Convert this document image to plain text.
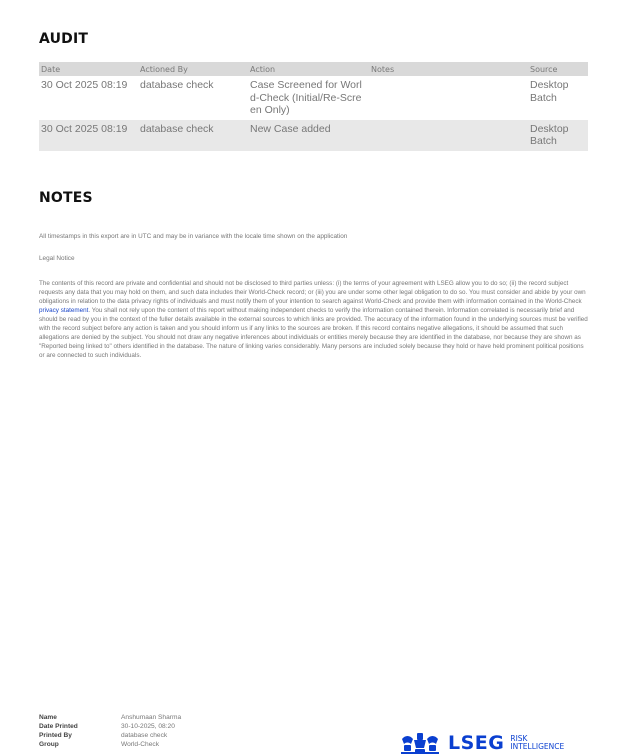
AUDIT
Date	Actioned By	Action	Notes	Source
30 Oct 2025 08:19	database check	Case Screened for World-Check (Initial/Re-Screen Only)		Desktop Batch
30 Oct 2025 08:19	database check	New Case added		Desktop Batch
NOTES

All timestamps in this export are in UTC and may be in variance with the locale time shown on the application

Legal Notice

The contents of this record are private and confidential and should not be disclosed to third parties unless: (i) the terms of your agreement with LSEG allow you to do so; (ii) the record subject requests any data that you may hold on them, and such data includes their World-Check record; or (iii) you are under some other legal obligation to do so. You must consider and abide by your own obligations in relation to the data privacy rights of individuals and must notify them of your intention to search against World-Check and provide them with information contained in the World-Check privacy statement. You shall not rely upon the content of this report without making independent checks to verify the information contained therein. Information correlated is necessarily brief and should be read by you in the context of the fuller details available in the external sources to which links are provided. The accuracy of the information found in the underlying sources must be verified with the record subject before any action is taken and you should inform us if any links to the sources are broken. If this record contains negative allegations, it should be assumed that such allegations are denied by the subject. You should not draw any negative inferences about individuals or entities merely because they are identified in the database, nor because they are shown as "Reported being linked to" others identified in the database. The nature of linking varies considerably. Many persons are included solely because they hold or have held prominent political positions or are connected to such individuals.

Name	Anshumaan Sharma
Date Printed	30-10-2025, 08:20
Printed By	database check
Group	World-Check	LSEG RISK
INTELLIGENCE
